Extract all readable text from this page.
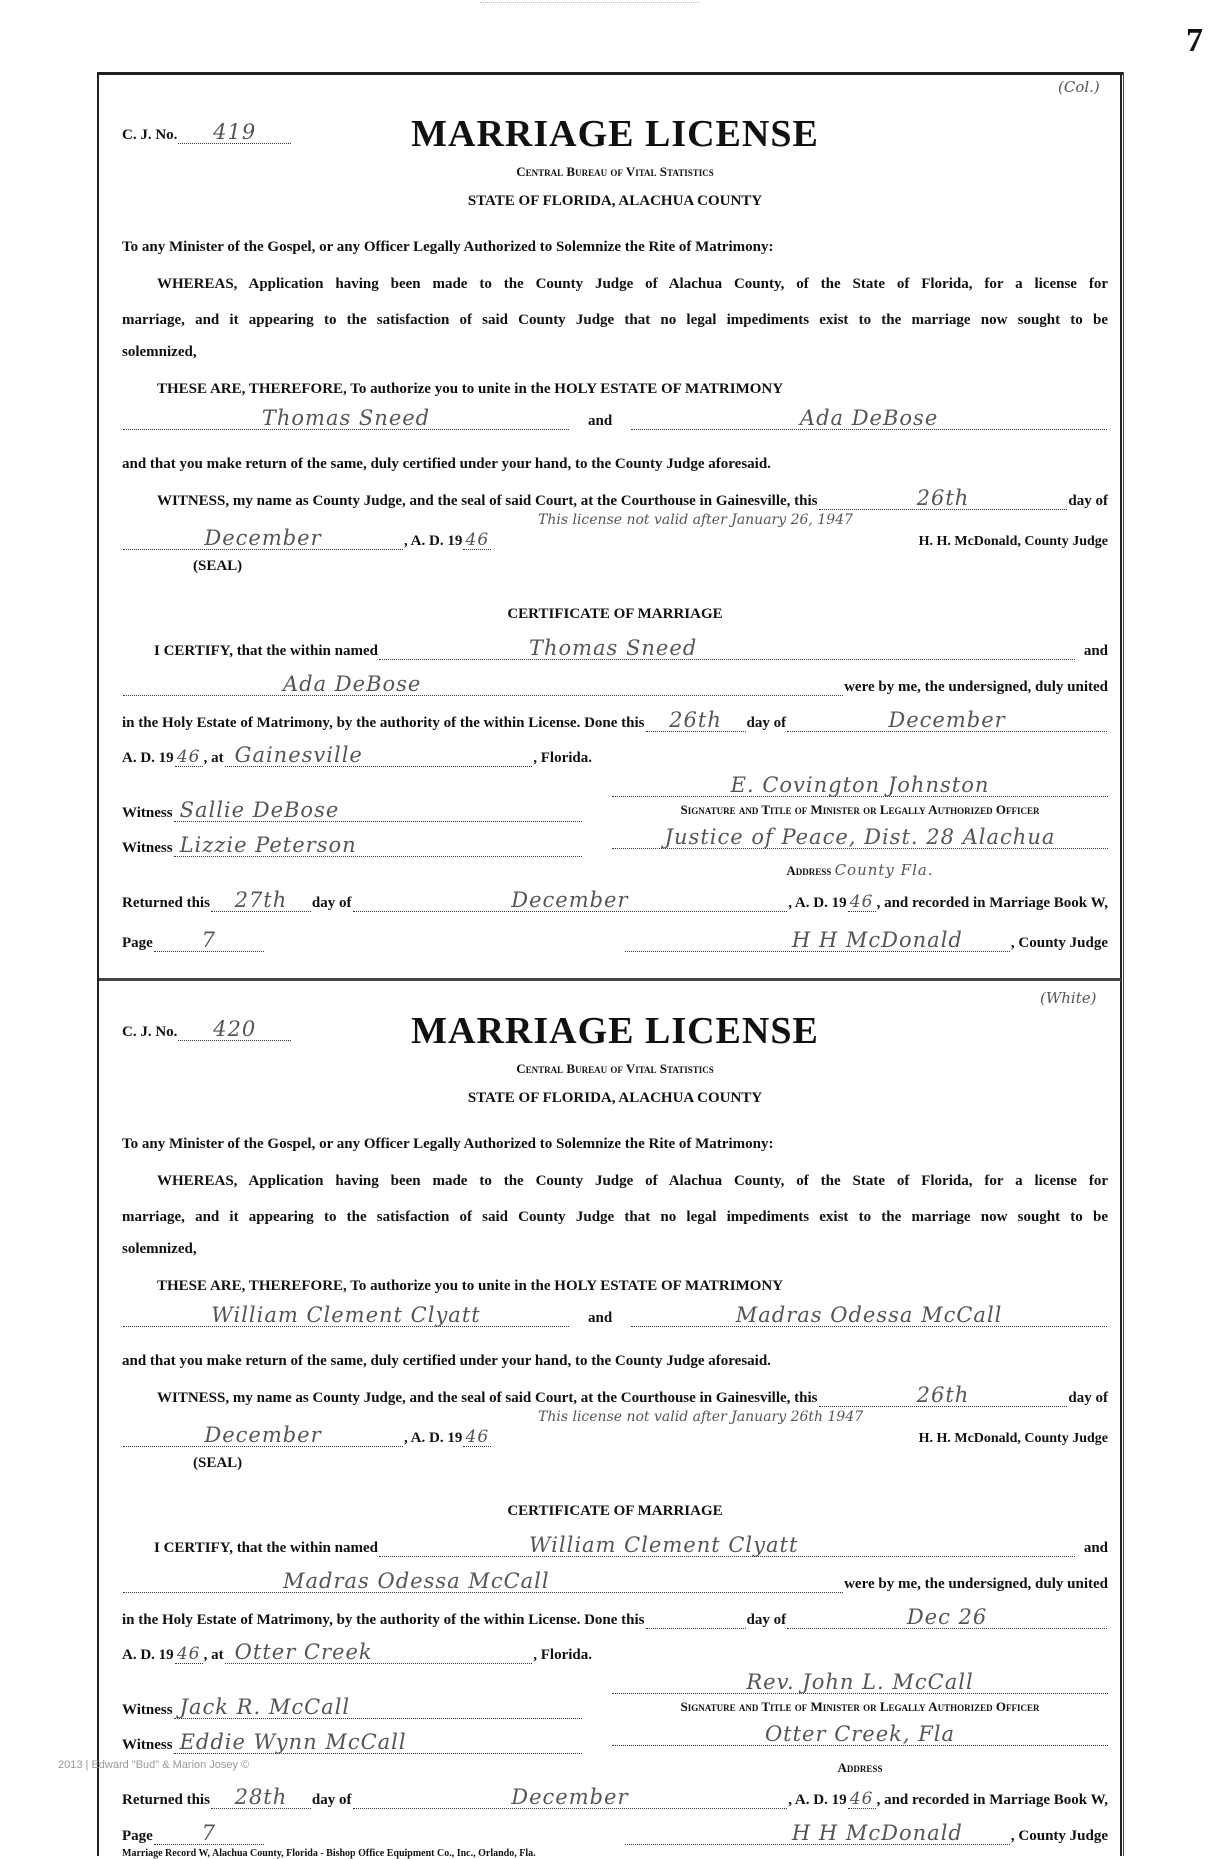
7
(Col.)
C. J. No.	419	MARRIAGE LICENSE
Central Bureau of Vital Statistics
STATE OF FLORIDA, ALACHUA COUNTY
To any Minister of the Gospel, or any Officer Legally Authorized to Solemnize the Rite of Matrimony:
WHEREAS, Application having been made to the County Judge of Alachua County, of the State of Florida, for a license for
marriage, and it appearing to the satisfaction of said County Judge that no legal impediments exist to the marriage now sought to be
solemnized,
THESE ARE, THEREFORE, To authorize you to unite in the HOLY ESTATE OF MATRIMONY
Thomas Sneed	and	Ada DeBose
and that you make return of the same, duly certified under your hand, to the County Judge aforesaid.
WITNESS, my name as County Judge, and the seal of said Court, at the Courthouse in Gainesville, this	26th	day of
This license not valid after January 26, 1947
December	, A. D. 19 46	H. H. McDonald, County Judge
(SEAL)
CERTIFICATE OF MARRIAGE
I CERTIFY, that the within named	Thomas Sneed	and
Ada DeBose	were by me, the undersigned, duly united
in the Holy Estate of Matrimony, by the authority of the within License. Done this	26th	day of	December
A. D. 19 46 , at Gainesville	, Florida.
E. Covington Johnston
Signature and Title of Minister or Legally Authorized Officer
Witness Sallie DeBose
Witness Lizzie Peterson	Justice of Peace, Dist. 28 Alachua
Address County Fla.
Returned this	27th	day of	December	, A. D. 19 46 , and recorded in Marriage Book W,
Page	7	H H McDonald	, County Judge
(White)
C. J. No.	420	MARRIAGE LICENSE
Central Bureau of Vital Statistics
STATE OF FLORIDA, ALACHUA COUNTY
To any Minister of the Gospel, or any Officer Legally Authorized to Solemnize the Rite of Matrimony:
WHEREAS, Application having been made to the County Judge of Alachua County, of the State of Florida, for a license for
marriage, and it appearing to the satisfaction of said County Judge that no legal impediments exist to the marriage now sought to be
solemnized,
THESE ARE, THEREFORE, To authorize you to unite in the HOLY ESTATE OF MATRIMONY
William Clement Clyatt	and	Madras Odessa McCall
and that you make return of the same, duly certified under your hand, to the County Judge aforesaid.
WITNESS, my name as County Judge, and the seal of said Court, at the Courthouse in Gainesville, this	26th	day of
This license not valid after January 26th 1947
December	, A. D. 19 46	H. H. McDonald, County Judge
(SEAL)
CERTIFICATE OF MARRIAGE
I CERTIFY, that the within named	William Clement Clyatt	and
Madras Odessa McCall	were by me, the undersigned, duly united
in the Holy Estate of Matrimony, by the authority of the within License. Done this	day of	Dec 26
A. D. 19 46 , at Otter Creek	, Florida.
Rev. John L. McCall
Signature and Title of Minister or Legally Authorized Officer
Witness Jack R. McCall
Witness Eddie Wynn McCall	Otter Creek, Fla
Address
Returned this	28th	day of	December	, A. D. 19 46 , and recorded in Marriage Book W,
Page	7	H H McDonald	, County Judge
2013 | Edward "Bud" & Marion Josey ©
Marriage Record W, Alachua County, Florida - Bishop Office Equipment Co., Inc., Orlando, Fla.
